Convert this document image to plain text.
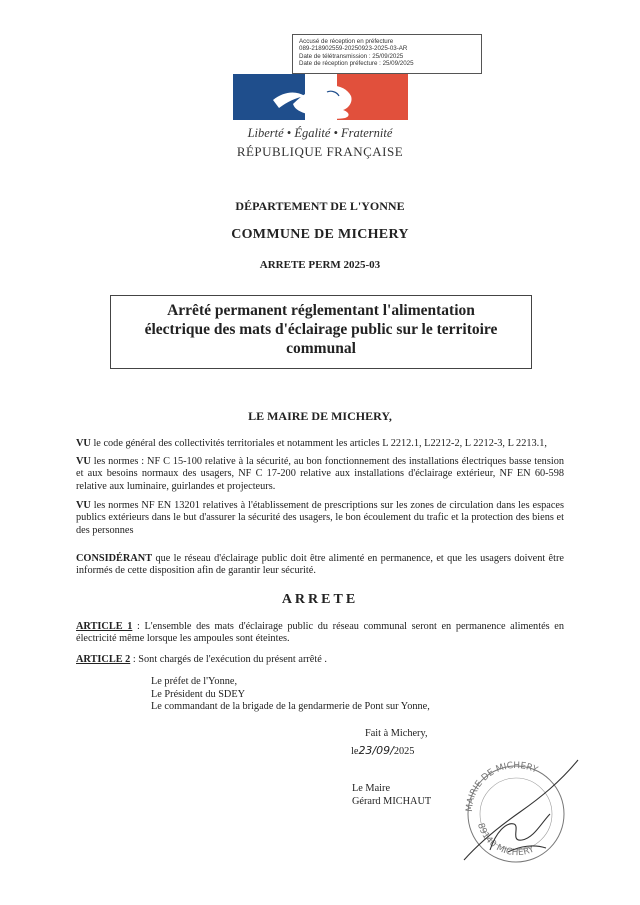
Accusé de réception en préfecture
089-218902559-20250923-2025-03-AR
Date de télétransmission : 25/09/2025
Date de réception préfecture : 25/09/2025
Liberté • Égalité • Fraternité
RÉPUBLIQUE FRANÇAISE
DÉPARTEMENT DE L'YONNE
COMMUNE DE MICHERY
ARRETE PERM 2025-03
Arrêté permanent réglementant l'alimentation
électrique des mats d'éclairage public sur le territoire
communal
LE MAIRE DE MICHERY,
VU le code général des collectivités territoriales et notamment les articles L 2212.1, L2212-2, L 2212-3, L 2213.1,
VU les normes : NF C 15-100 relative à la sécurité, au bon fonctionnement des installations électriques basse tension et aux besoins normaux des usagers, NF C 17-200 relative aux installations d'éclairage extérieur, NF EN 60-598 relative aux luminaire, guirlandes et projecteurs.
VU les normes NF EN 13201 relatives à l'établissement de prescriptions sur les zones de circulation dans les espaces publics extérieurs dans le but d'assurer la sécurité des usagers, le bon écoulement du trafic et la protection des biens et des personnes
CONSIDÉRANT que le réseau d'éclairage public doit être alimenté en permanence, et que les usagers doivent être informés de cette disposition afin de garantir leur sécurité.
ARRETE
ARTICLE 1 : L'ensemble des mats d'éclairage public du réseau communal seront en permanence alimentés en électricité même lorsque les ampoules sont éteintes.
ARTICLE 2 : Sont chargés de l'exécution du présent arrêté .
Le préfet de l'Yonne,
Le Président du SDEY
Le commandant de la brigade de la gendarmerie de Pont sur Yonne,
Fait à Michery,
le23/09/2025
Le Maire
Gérard MICHAUT
MAIRIE DE MICHERY
89140 MICHERY
